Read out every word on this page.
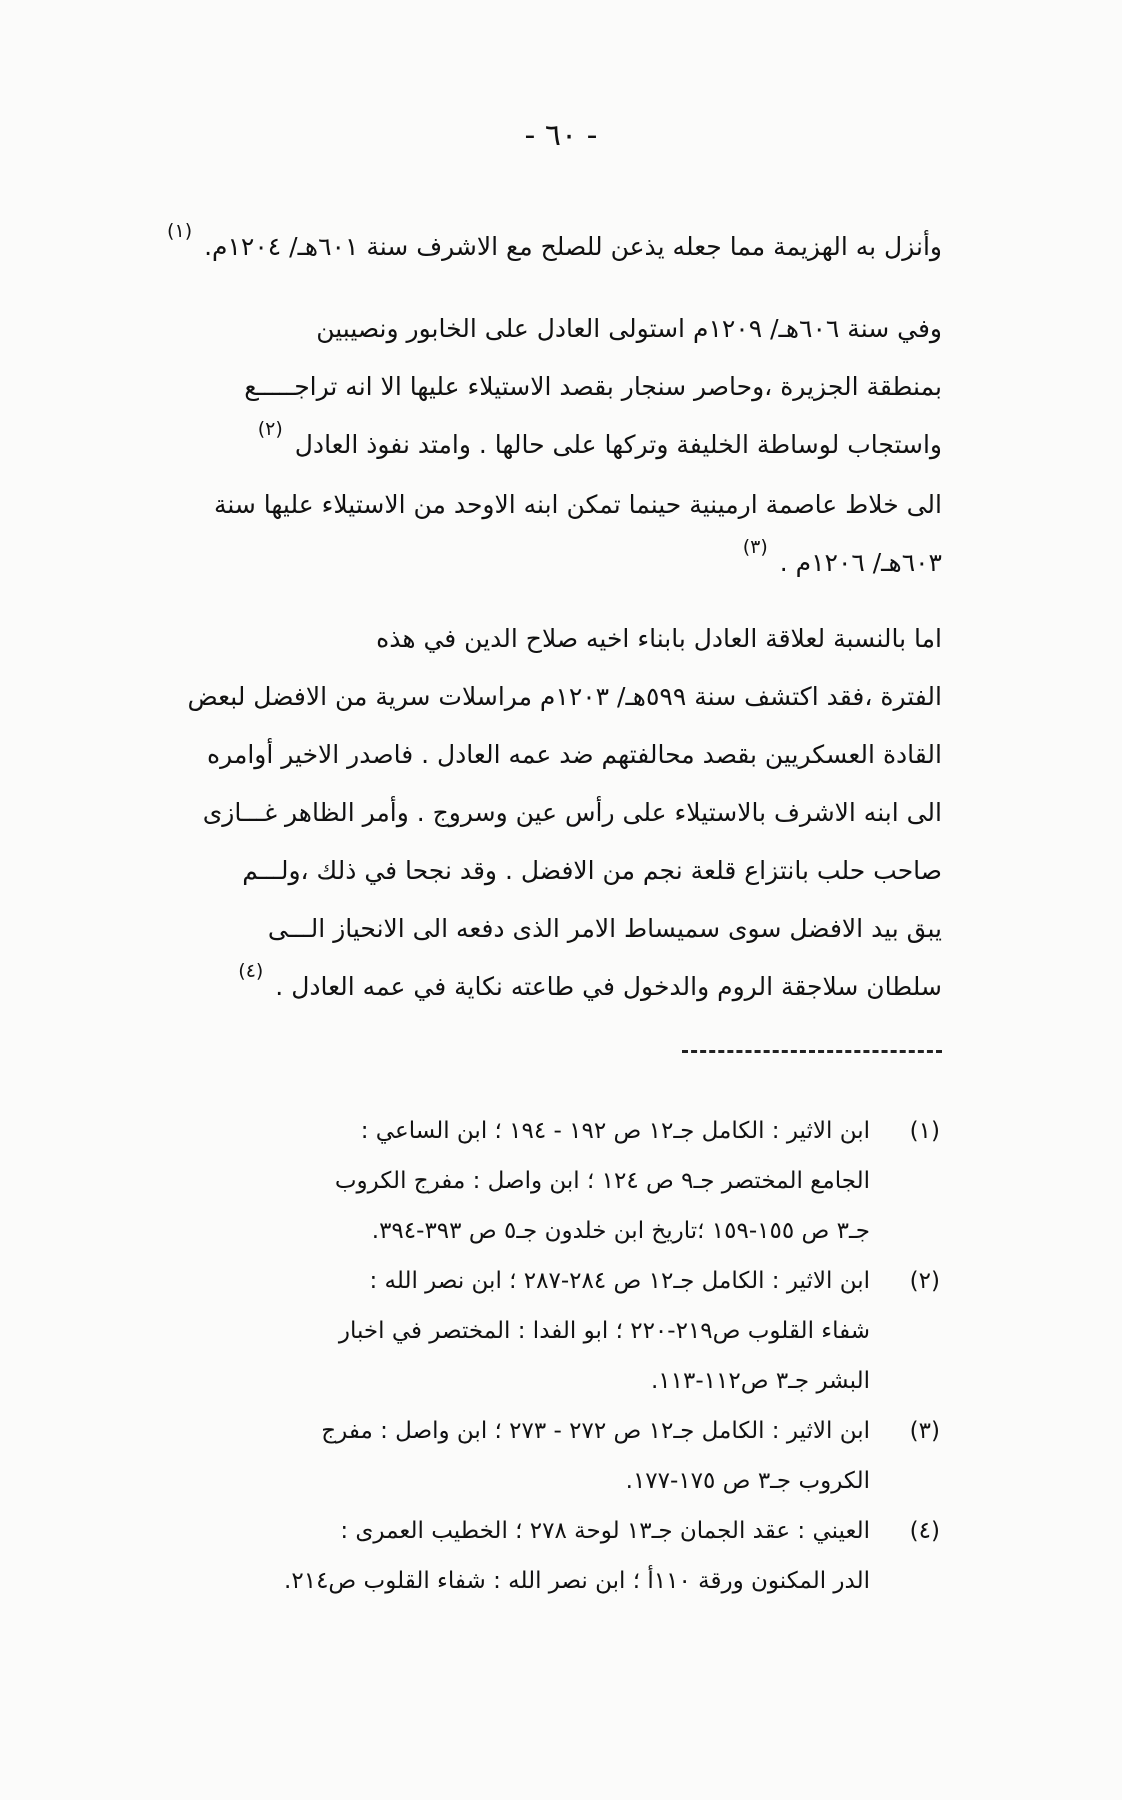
- ٦٠ -
وأنزل به الهزيمة مما جعله يذعن للصلح مع الاشرف سنة ٦٠١هـ/ ١٢٠٤م. $^{(١)}$
وفي سنة ٦٠٦هـ/ ١٢٠٩م استولى العادل على الخابور ونصيبين
بمنطقة الجزيرة ،وحاصر سنجار بقصد الاستيلاء عليها الا انه تراجـــــع
واستجاب لوساطة الخليفة وتركها على حالها . وامتد نفوذ العادل $^{(٢)}$
الى خلاط عاصمة ارمينية حينما تمكن ابنه الاوحد من الاستيلاء عليها سنة
٦٠٣هـ/ ١٢٠٦م . $^{(٣)}$
اما بالنسبة لعلاقة العادل بابناء اخيه صلاح الدين في هذه
الفترة ،فقد اكتشف سنة ٥٩٩هـ/ ١٢٠٣م مراسلات سرية من الافضل لبعض
القادة العسكريين بقصد محالفتهم ضد عمه العادل . فاصدر الاخير أوامره
الى ابنه الاشرف بالاستيلاء على رأس عين وسروج . وأمر الظاهر غـــازى
صاحب حلب بانتزاع قلعة نجم من الافضل . وقد نجحا في ذلك ،ولـــم
يبق بيد الافضل سوى سميساط الامر الذى دفعه الى الانحياز الـــى
سلطان سلاجقة الروم والدخول في طاعته نكاية في عمه العادل . $^{(٤)}$
(١)
ابن الاثير : الكامل جـ١٢ ص ١٩٢ - ١٩٤ ؛ ابن الساعي :
الجامع المختصر جـ٩ ص ١٢٤ ؛ ابن واصل : مفرج الكروب
جـ٣ ص ١٥٥-١٥٩ ؛تاريخ ابن خلدون جـ٥ ص ٣٩٣-٣٩٤.
(٢)
ابن الاثير : الكامل جـ١٢ ص ٢٨٤-٢٨٧ ؛ ابن نصر الله :
شفاء القلوب ص٢١٩-٢٢٠ ؛ ابو الفدا : المختصر في اخبار
البشر جـ٣ ص١١٢-١١٣.
(٣)
ابن الاثير : الكامل جـ١٢ ص ٢٧٢ - ٢٧٣ ؛ ابن واصل : مفرج
الكروب جـ٣ ص ١٧٥-١٧٧.
(٤)
العيني : عقد الجمان جـ١٣ لوحة ٢٧٨ ؛ الخطيب العمرى :
الدر المكنون ورقة ١١٠أ ؛ ابن نصر الله : شفاء القلوب ص٢١٤.
